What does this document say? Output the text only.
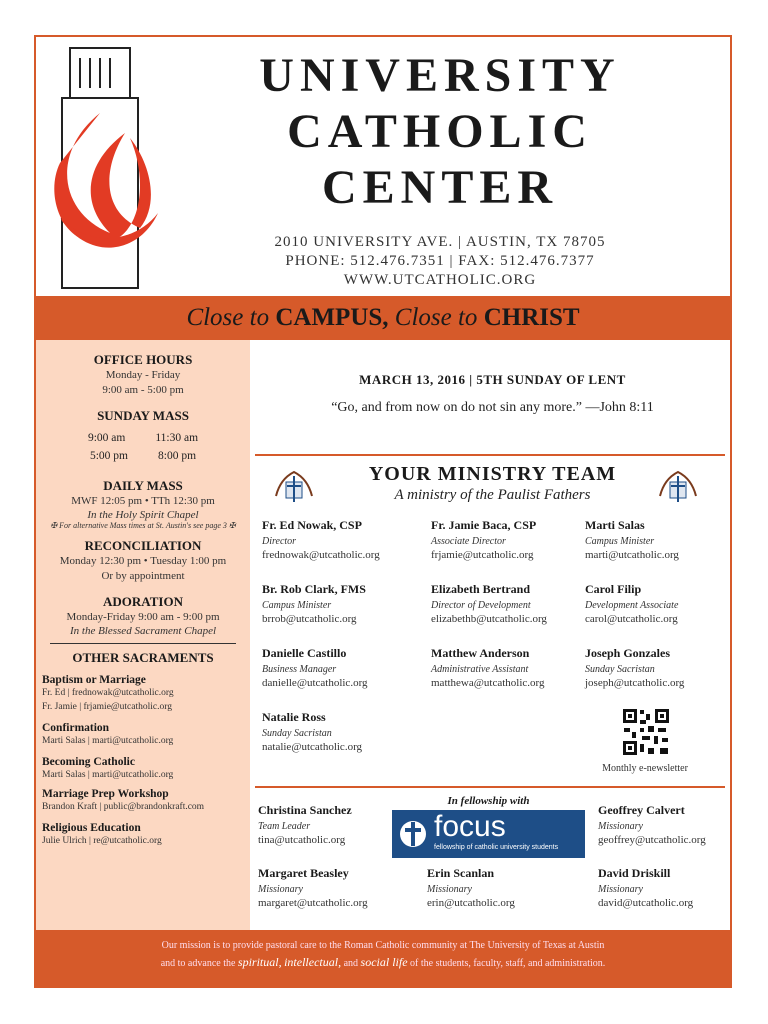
UNIVERSITY
CATHOLIC
CENTER
2010 UNIVERSITY AVE. | AUSTIN, TX 78705
PHONE: 512.476.7351 | FAX: 512.476.7377
WWW.UTCATHOLIC.ORG
Close to CAMPUS, Close to CHRIST
OFFICE HOURS
Monday - Friday
9:00 am - 5:00 pm
SUNDAY MASS
9:00 am	11:30 am
5:00 pm	8:00 pm
DAILY MASS
MWF 12:05 pm • TTh 12:30 pm
In the Holy Spirit Chapel
✠ For alternative Mass times at St. Austin's see page 3 ✠
RECONCILIATION
Monday 12:30 pm • Tuesday 1:00 pm
Or by appointment
ADORATION
Monday-Friday 9:00 am - 9:00 pm
In the Blessed Sacrament Chapel
OTHER SACRAMENTS
Baptism or Marriage
Fr. Ed | frednowak@utcatholic.org
Fr. Jamie | frjamie@utcatholic.org
Confirmation
Marti Salas | marti@utcatholic.org
Becoming Catholic
Marti Salas | marti@utcatholic.org
Marriage Prep Workshop
Brandon Kraft | public@brandonkraft.com
Religious Education
Julie Ulrich | re@utcatholic.org
MARCH 13, 2016 | 5TH SUNDAY OF LENT
“Go, and from now on do not sin any more.” —John 8:11
YOUR MINISTRY TEAM
A ministry of the Paulist Fathers
Fr. Ed Nowak, CSP
Director
frednowak@utcatholic.org
Fr. Jamie Baca, CSP
Associate Director
frjamie@utcatholic.org
Marti Salas
Campus Minister
marti@utcatholic.org
Br. Rob Clark, FMS
Campus Minister
brrob@utcatholic.org
Elizabeth Bertrand
Director of Development
elizabethb@utcatholic.org
Carol Filip
Development Associate
carol@utcatholic.org
Danielle Castillo
Business Manager
danielle@utcatholic.org
Matthew Anderson
Administrative Assistant
matthewa@utcatholic.org
Joseph Gonzales
Sunday Sacristan
joseph@utcatholic.org
Natalie Ross
Sunday Sacristan
natalie@utcatholic.org
Monthly e-newsletter
In fellowship with
focus
fellowship of catholic university students
Christina Sanchez
Team Leader
tina@utcatholic.org
Geoffrey Calvert
Missionary
geoffrey@utcatholic.org
Margaret Beasley
Missionary
margaret@utcatholic.org
Erin Scanlan
Missionary
erin@utcatholic.org
David Driskill
Missionary
david@utcatholic.org
Our mission is to provide pastoral care to the Roman Catholic community at The University of Texas at Austin
and to advance the spiritual, intellectual, and social life of the students, faculty, staff, and administration.
